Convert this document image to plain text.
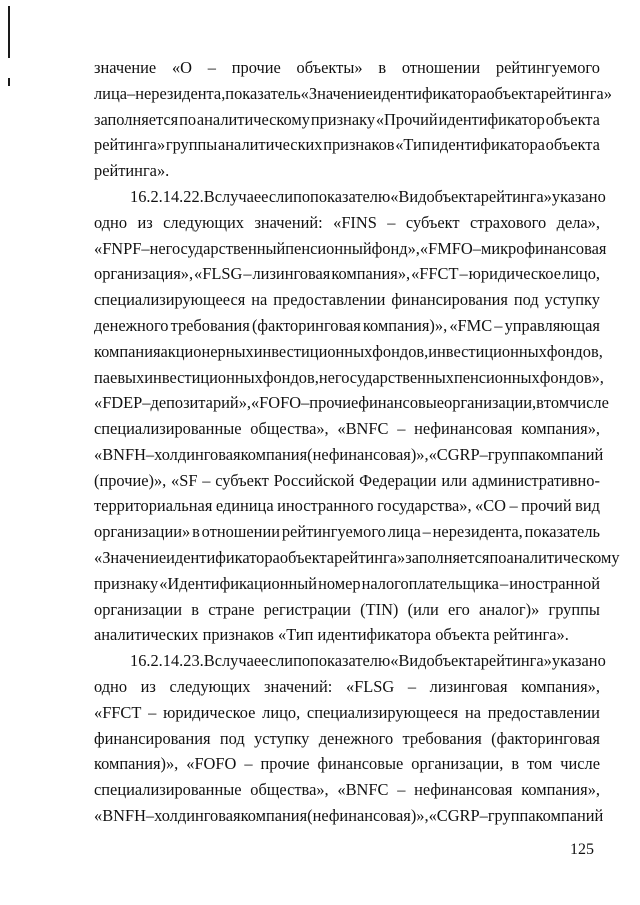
значение «О – прочие объекты» в отношении рейтингуемого
лица – нерезидента, показатель «Значение идентификатора объекта рейтинга»
заполняется по аналитическому признаку «Прочий идентификатор объекта
рейтинга» группы аналитических признаков «Тип идентификатора объекта
рейтинга».
16.2.14.22. В случае если по показателю «Вид объекта рейтинга» указано
одно из следующих значений: «FINS – субъект страхового дела»,
«FNPF – негосударственный пенсионный фонд», «FMFO – микрофинансовая
организация», «FLSG – лизинговая компания», «FFCT – юридическое лицо,
специализирующееся на предоставлении финансирования под уступку
денежного требования (факторинговая компания)», «FMC – управляющая
компания акционерных инвестиционных фондов, инвестиционных фондов,
паевых инвестиционных фондов, негосударственных пенсионных фондов»,
«FDEP – депозитарий», «FOFO – прочие финансовые организации, в том числе
специализированные общества», «BNFC – нефинансовая компания»,
«BNFH – холдинговая компания (нефинансовая)», «CGRP – группа компаний
(прочие)», «SF – субъект Российской Федерации или административно-
территориальная единица иностранного государства», «CO – прочий вид
организации» в отношении рейтингуемого лица – нерезидента, показатель
«Значение идентификатора объекта рейтинга» заполняется по аналитическому
признаку «Идентификационный номер налогоплательщика – иностранной
организации в стране регистрации (TIN) (или его аналог)» группы
аналитических признаков «Тип идентификатора объекта рейтинга».
16.2.14.23. В случае если по показателю «Вид объекта рейтинга» указано
одно из следующих значений: «FLSG – лизинговая компания»,
«FFCT – юридическое лицо, специализирующееся на предоставлении
финансирования под уступку денежного требования (факторинговая
компания)», «FOFO – прочие финансовые организации, в том числе
специализированные общества», «BNFC – нефинансовая компания»,
«BNFH – холдинговая компания (нефинансовая)», «CGRP – группа компаний
125
